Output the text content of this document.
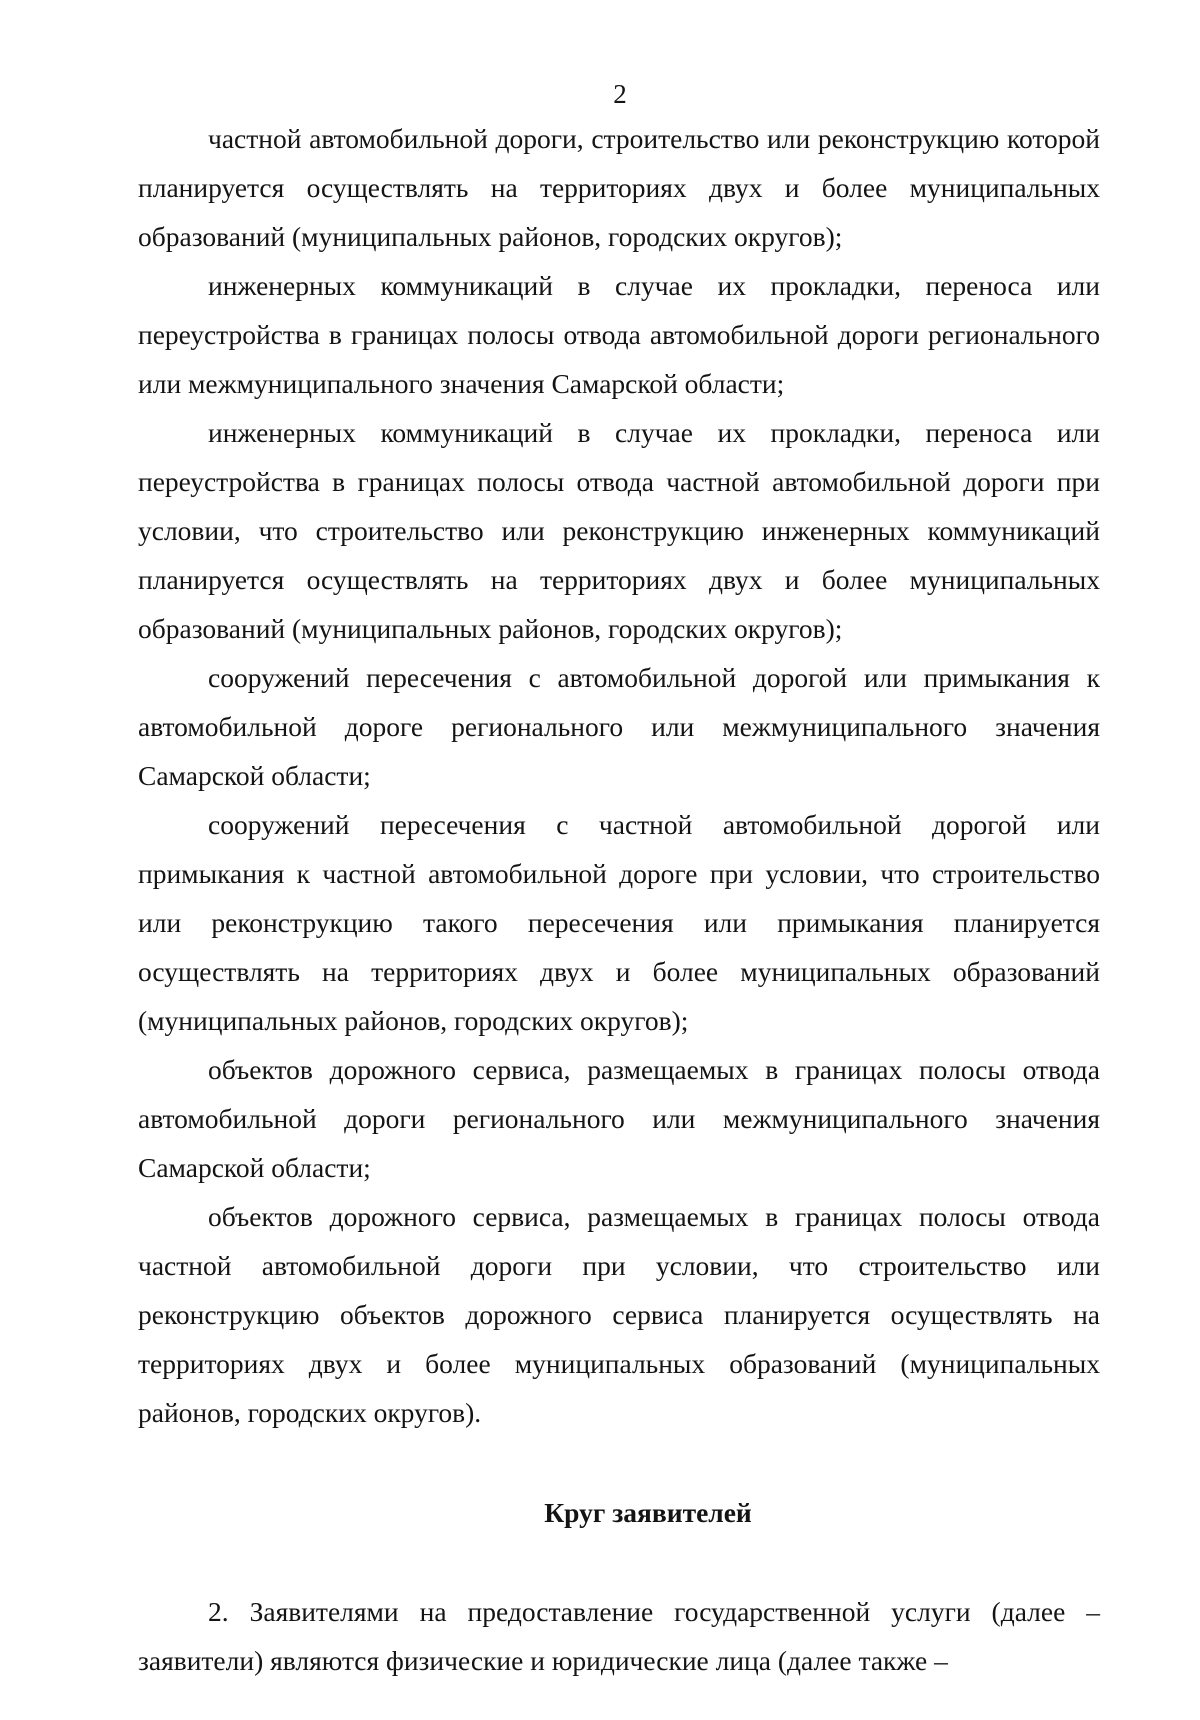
2

частной автомобильной дороги, строительство или реконструкцию которой планируется осуществлять на территориях двух и более муниципальных образований (муниципальных районов, городских округов);

инженерных коммуникаций в случае их прокладки, переноса или переустройства в границах полосы отвода автомобильной дороги регионального или межмуниципального значения Самарской области;

инженерных коммуникаций в случае их прокладки, переноса или переустройства в границах полосы отвода частной автомобильной дороги при условии, что строительство или реконструкцию инженерных коммуникаций планируется осуществлять на территориях двух и более муниципальных образований (муниципальных районов, городских округов);

сооружений пересечения с автомобильной дорогой или примыкания к автомобильной дороге регионального или межмуниципального значения Самарской области;

сооружений пересечения с частной автомобильной дорогой или примыкания к частной автомобильной дороге при условии, что строительство или реконструкцию такого пересечения или примыкания планируется осуществлять на территориях двух и более муниципальных образований (муниципальных районов, городских округов);

объектов дорожного сервиса, размещаемых в границах полосы отвода автомобильной дороги регионального или межмуниципального значения Самарской области;

объектов дорожного сервиса, размещаемых в границах полосы отвода частной автомобильной дороги при условии, что строительство или реконструкцию объектов дорожного сервиса планируется осуществлять на территориях двух и более муниципальных образований (муниципальных районов, городских округов).

Круг заявителей

2. Заявителями на предоставление государственной услуги (далее – заявители) являются физические и юридические лица (далее также –
